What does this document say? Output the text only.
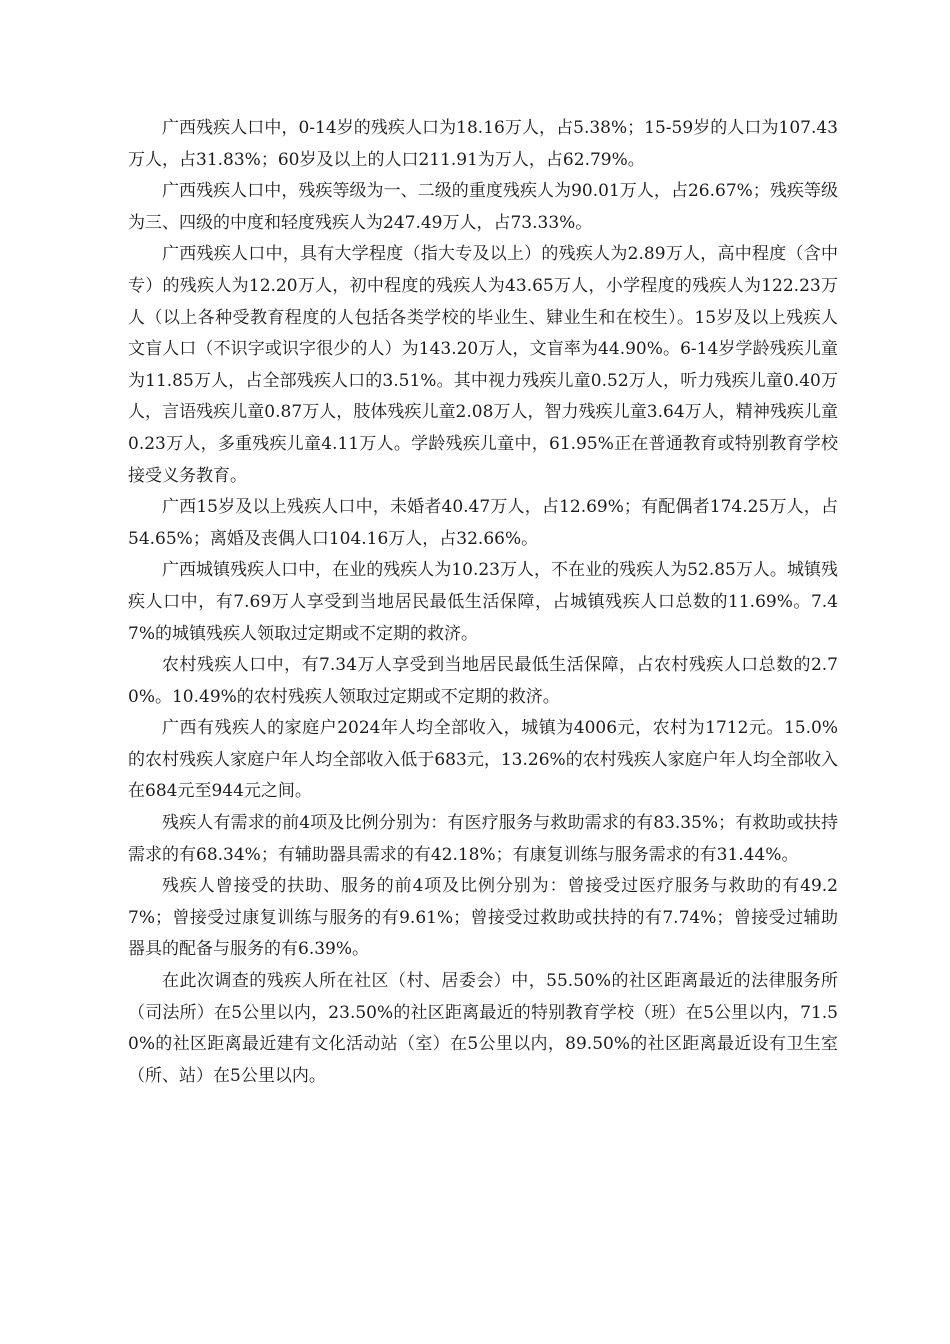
广西残疾人口中，0-14岁的残疾人口为18.16万人，占5.38%；15-59岁的人口为107.43万人，占31.83%；60岁及以上的人口211.91为万人，占62.79%。

广西残疾人口中，残疾等级为一、二级的重度残疾人为90.01万人，占26.67%；残疾等级为三、四级的中度和轻度残疾人为247.49万人，占73.33%。

广西残疾人口中，具有大学程度（指大专及以上）的残疾人为2.89万人，高中程度（含中专）的残疾人为12.20万人，初中程度的残疾人为43.65万人，小学程度的残疾人为122.23万人（以上各种受教育程度的人包括各类学校的毕业生、肄业生和在校生）。15岁及以上残疾人文盲人口（不识字或识字很少的人）为143.20万人，文盲率为44.90%。6-14岁学龄残疾儿童为11.85万人，占全部残疾人口的3.51%。其中视力残疾儿童0.52万人，听力残疾儿童0.40万人，言语残疾儿童0.87万人，肢体残疾儿童2.08万人，智力残疾儿童3.64万人，精神残疾儿童0.23万人，多重残疾儿童4.11万人。学龄残疾儿童中，61.95%正在普通教育或特别教育学校接受义务教育。

广西15岁及以上残疾人口中，未婚者40.47万人，占12.69%；有配偶者174.25万人，占54.65%；离婚及丧偶人口104.16万人，占32.66%。

广西城镇残疾人口中，在业的残疾人为10.23万人，不在业的残疾人为52.85万人。城镇残疾人口中，有7.69万人享受到当地居民最低生活保障，占城镇残疾人口总数的11.69%。7.47%的城镇残疾人领取过定期或不定期的救济。

农村残疾人口中，有7.34万人享受到当地居民最低生活保障，占农村残疾人口总数的2.70%。10.49%的农村残疾人领取过定期或不定期的救济。

广西有残疾人的家庭户2024年人均全部收入，城镇为4006元，农村为1712元。15.0%的农村残疾人家庭户年人均全部收入低于683元，13.26%的农村残疾人家庭户年人均全部收入在684元至944元之间。

残疾人有需求的前4项及比例分别为：有医疗服务与救助需求的有83.35%；有救助或扶持需求的有68.34%；有辅助器具需求的有42.18%；有康复训练与服务需求的有31.44%。

残疾人曾接受的扶助、服务的前4项及比例分别为：曾接受过医疗服务与救助的有49.27%；曾接受过康复训练与服务的有9.61%；曾接受过救助或扶持的有7.74%；曾接受过辅助器具的配备与服务的有6.39%。

在此次调查的残疾人所在社区（村、居委会）中，55.50%的社区距离最近的法律服务所（司法所）在5公里以内，23.50%的社区距离最近的特别教育学校（班）在5公里以内，71.50%的社区距离最近建有文化活动站（室）在5公里以内，89.50%的社区距离最近设有卫生室（所、站）在5公里以内。
